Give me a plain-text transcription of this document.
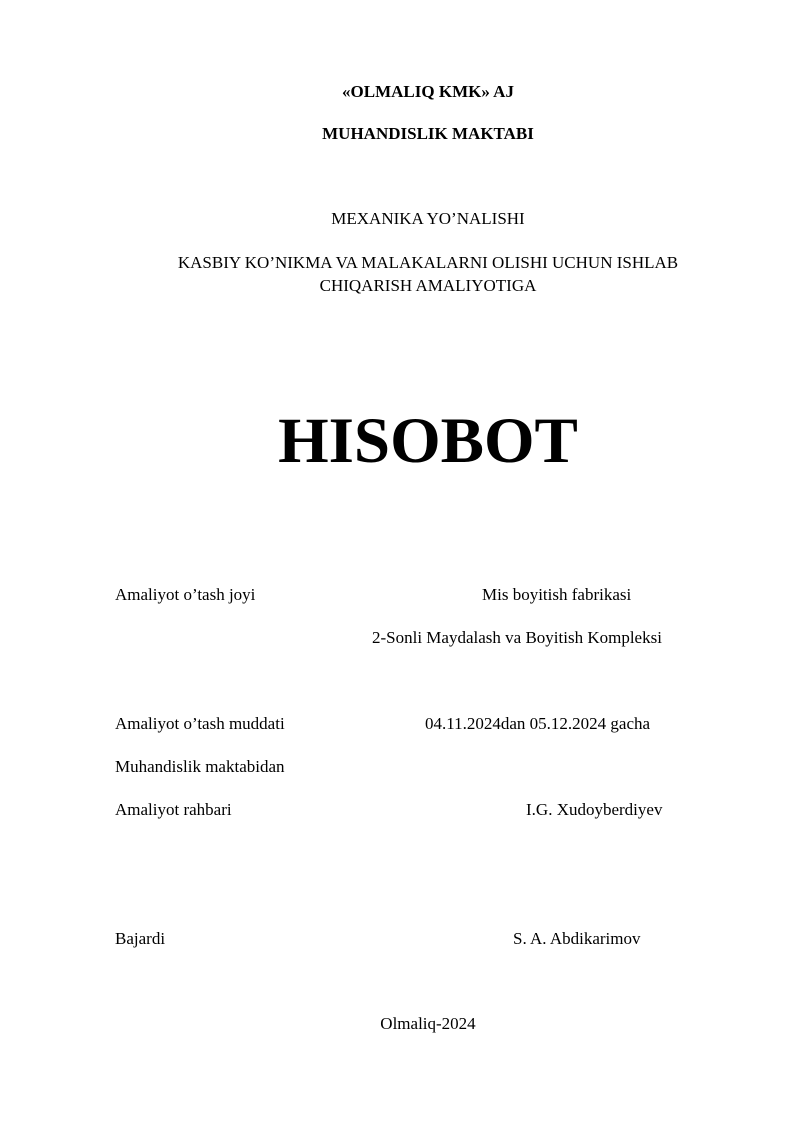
«OLMALIQ KMK» AJ
MUHANDISLIK MAKTABI
MEXANIKA YO’NALISHI
KASBIY KO’NIKMA VA MALAKALARNI OLISHI UCHUN ISHLAB
CHIQARISH AMALIYOTIGA
HISOBOT
Amaliyot o’tash joyi	Mis boyitish fabrikasi
2-Sonli Maydalash va Boyitish Kompleksi
Amaliyot o’tash muddati	04.11.2024dan 05.12.2024 gacha
Muhandislik maktabidan
Amaliyot rahbari	I.G. Xudoyberdiyev
Bajardi	S. A. Abdikarimov
Olmaliq-2024
